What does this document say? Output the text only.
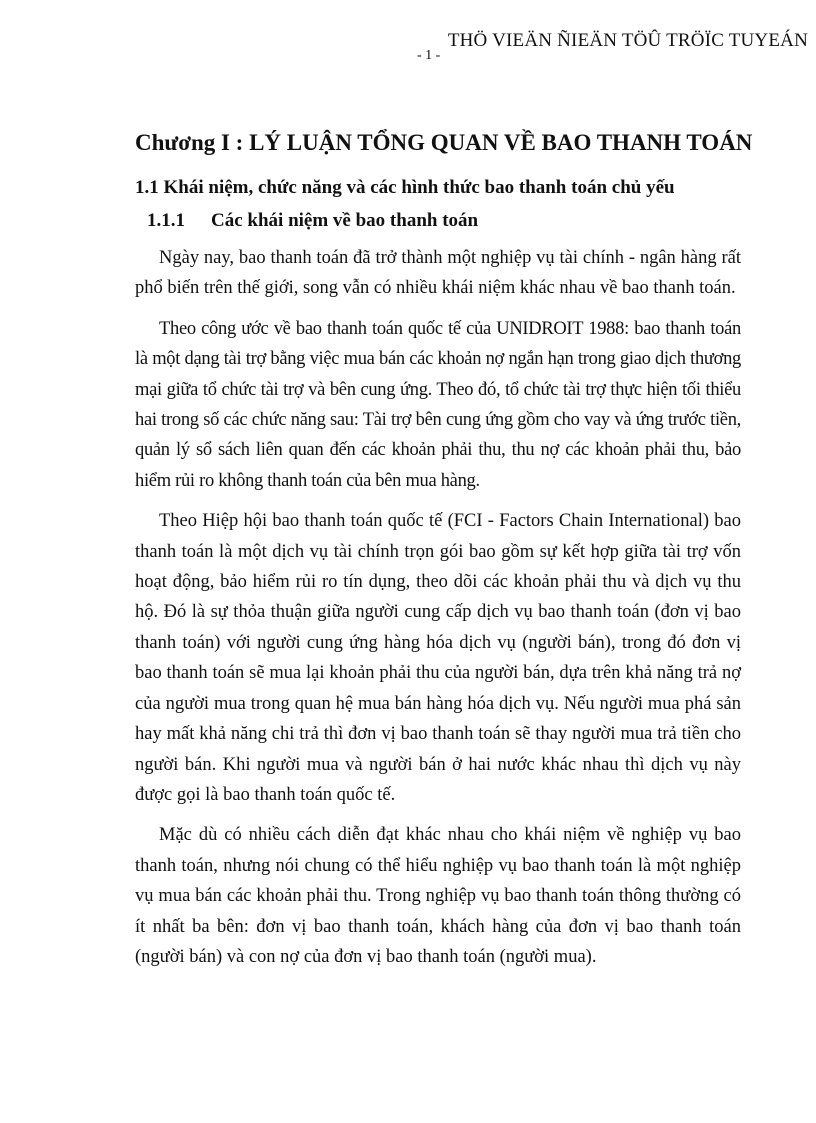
THÖ VIEÄN ÑIEÄN TÖÛ TRÖÏC TUYEÁN
- 1 -
Chương I : LÝ LUẬN TỔNG QUAN VỀ BAO THANH TOÁN
1.1 Khái niệm, chức năng và các hình thức bao thanh toán chủ yếu
1.1.1 Các khái niệm về bao thanh toán

Ngày nay, bao thanh toán đã trở thành một nghiệp vụ tài chính - ngân hàng rất phổ biến trên thế giới, song vẫn có nhiều khái niệm khác nhau về bao thanh toán.

Theo công ước về bao thanh toán quốc tế của UNIDROIT 1988: bao thanh toán là một dạng tài trợ bằng việc mua bán các khoản nợ ngắn hạn trong giao dịch thương mại giữa tổ chức tài trợ và bên cung ứng. Theo đó, tổ chức tài trợ thực hiện tối thiểu hai trong số các chức năng sau: Tài trợ bên cung ứng gồm cho vay và ứng trước tiền, quản lý sổ sách liên quan đến các khoản phải thu, thu nợ các khoản phải thu, bảo hiểm rủi ro không thanh toán của bên mua hàng.

Theo Hiệp hội bao thanh toán quốc tế (FCI - Factors Chain International) bao thanh toán là một dịch vụ tài chính trọn gói bao gồm sự kết hợp giữa tài trợ vốn hoạt động, bảo hiểm rủi ro tín dụng, theo dõi các khoản phải thu và dịch vụ thu hộ. Đó là sự thỏa thuận giữa người cung cấp dịch vụ bao thanh toán (đơn vị bao thanh toán) với người cung ứng hàng hóa dịch vụ (người bán), trong đó đơn vị bao thanh toán sẽ mua lại khoản phải thu của người bán, dựa trên khả năng trả nợ của người mua trong quan hệ mua bán hàng hóa dịch vụ. Nếu người mua phá sản hay mất khả năng chi trả thì đơn vị bao thanh toán sẽ thay người mua trả tiền cho người bán. Khi người mua và người bán ở hai nước khác nhau thì dịch vụ này được gọi là bao thanh toán quốc tế.

Mặc dù có nhiều cách diễn đạt khác nhau cho khái niệm về nghiệp vụ bao thanh toán, nhưng nói chung có thể hiểu nghiệp vụ bao thanh toán là một nghiệp vụ mua bán các khoản phải thu. Trong nghiệp vụ bao thanh toán thông thường có ít nhất ba bên: đơn vị bao thanh toán, khách hàng của đơn vị bao thanh toán (người bán) và con nợ của đơn vị bao thanh toán (người mua).
